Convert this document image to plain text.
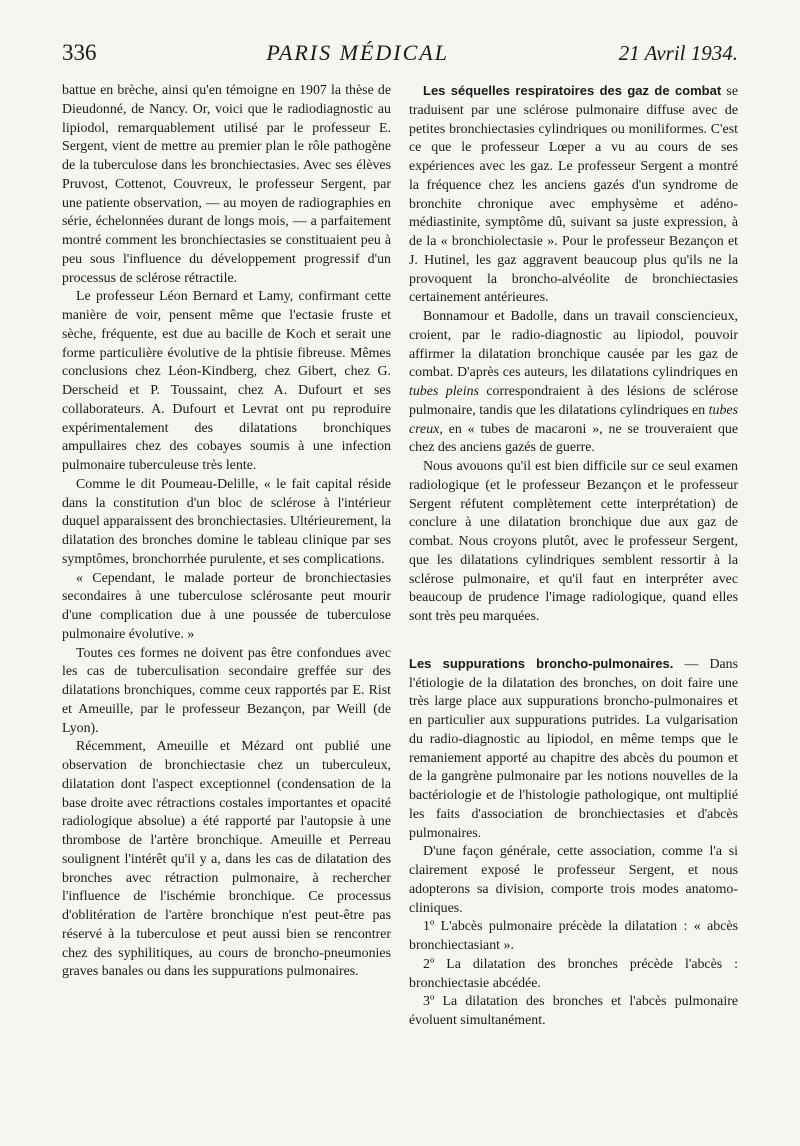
336	PARIS MÉDICAL	21 Avril 1934.

battue en brèche, ainsi qu'en témoigne en 1907 la thèse de Dieudonné, de Nancy. Or, voici que le radiodiagnostic au lipiodol, remarquablement utilisé par le professeur E. Sergent, vient de mettre au premier plan le rôle pathogène de la tuberculose dans les bronchiectasies. Avec ses élèves Pruvost, Cottenot, Couvreux, le professeur Sergent, par une patiente observation, — au moyen de radiographies en série, échelonnées durant de longs mois, — a parfaitement montré comment les bronchiectasies se constituaient peu à peu sous l'influence du développement progressif d'un processus de sclérose rétractile.

Le professeur Léon Bernard et Lamy, confirmant cette manière de voir, pensent même que l'ectasie fruste et sèche, fréquente, est due au bacille de Koch et serait une forme particulière évolutive de la phtisie fibreuse. Mêmes conclusions chez Léon-Kindberg, chez Gibert, chez G. Derscheid et P. Toussaint, chez A. Dufourt et ses collaborateurs. A. Dufourt et Levrat ont pu reproduire expérimentalement des dilatations bronchiques ampullaires chez des cobayes soumis à une infection pulmonaire tuberculeuse très lente.

Comme le dit Poumeau-Delille, « le fait capital réside dans la constitution d'un bloc de sclérose à l'intérieur duquel apparaissent des bronchiectasies. Ultérieurement, la dilatation des bronches domine le tableau clinique par ses symptômes, bronchorrhée purulente, et ses complications.

« Cependant, le malade porteur de bronchiectasies secondaires à une tuberculose sclérosante peut mourir d'une complication due à une poussée de tuberculose pulmonaire évolutive. »

Toutes ces formes ne doivent pas être confondues avec les cas de tuberculisation secondaire greffée sur des dilatations bronchiques, comme ceux rapportés par E. Rist et Ameuille, par le professeur Bezançon, par Weill (de Lyon).

Récemment, Ameuille et Mézard ont publié une observation de bronchiectasie chez un tuberculeux, dilatation dont l'aspect exceptionnel (condensation de la base droite avec rétractions costales importantes et opacité radiologique absolue) a été rapporté par l'autopsie à une thrombose de l'artère bronchique. Ameuille et Perreau soulignent l'intérêt qu'il y a, dans les cas de dilatation des bronches avec rétraction pulmonaire, à rechercher l'influence de l'ischémie bronchique. Ce processus d'oblitération de l'artère bronchique n'est peut-être pas réservé à la tuberculose et peut aussi bien se rencontrer chez des syphilitiques, au cours de broncho-pneumonies graves banales ou dans les suppurations pulmonaires.

Les séquelles respiratoires des gaz de combat se traduisent par une sclérose pulmonaire diffuse avec de petites bronchiectasies cylindriques ou moniliformes. C'est ce que le professeur Lœper a vu au cours de ses expériences avec les gaz. Le professeur Sergent a montré la fréquence chez les anciens gazés d'un syndrome de bronchite chronique avec emphysème et adéno-médiastinite, symptôme dû, suivant sa juste expression, à de la « bronchiolectasie ». Pour le professeur Bezançon et J. Hutinel, les gaz aggravent beaucoup plus qu'ils ne la provoquent la broncho-alvéolite de bronchiectasies certainement antérieures.

Bonnamour et Badolle, dans un travail consciencieux, croient, par le radio-diagnostic au lipiodol, pouvoir affirmer la dilatation bronchique causée par les gaz de combat. D'après ces auteurs, les dilatations cylindriques en tubes pleins correspondraient à des lésions de sclérose pulmonaire, tandis que les dilatations cylindriques en tubes creux, en « tubes de macaroni », ne se trouveraient que chez des anciens gazés de guerre.

Nous avouons qu'il est bien difficile sur ce seul examen radiologique (et le professeur Bezançon et le professeur Sergent réfutent complètement cette interprétation) de conclure à une dilatation bronchique due aux gaz de combat. Nous croyons plutôt, avec le professeur Sergent, que les dilatations cylindriques semblent ressortir à la sclérose pulmonaire, et qu'il faut en interpréter avec beaucoup de prudence l'image radiologique, quand elles sont très peu marquées.

Les suppurations broncho-pulmonaires. — Dans l'étiologie de la dilatation des bronches, on doit faire une très large place aux suppurations broncho-pulmonaires et en particulier aux suppurations putrides. La vulgarisation du radio-diagnostic au lipiodol, en même temps que le remaniement apporté au chapitre des abcès du poumon et de la gangrène pulmonaire par les notions nouvelles de la bactériologie et de l'histologie pathologique, ont multiplié les faits d'association de bronchiectasies et d'abcès pulmonaires.

D'une façon générale, cette association, comme l'a si clairement exposé le professeur Sergent, et nous adopterons sa division, comporte trois modes anatomo-cliniques.

1º L'abcès pulmonaire précède la dilatation : « abcès bronchiectasiant ».

2º La dilatation des bronches précède l'abcès : bronchiectasie abcédée.

3º La dilatation des bronches et l'abcès pulmonaire évoluent simultanément.
